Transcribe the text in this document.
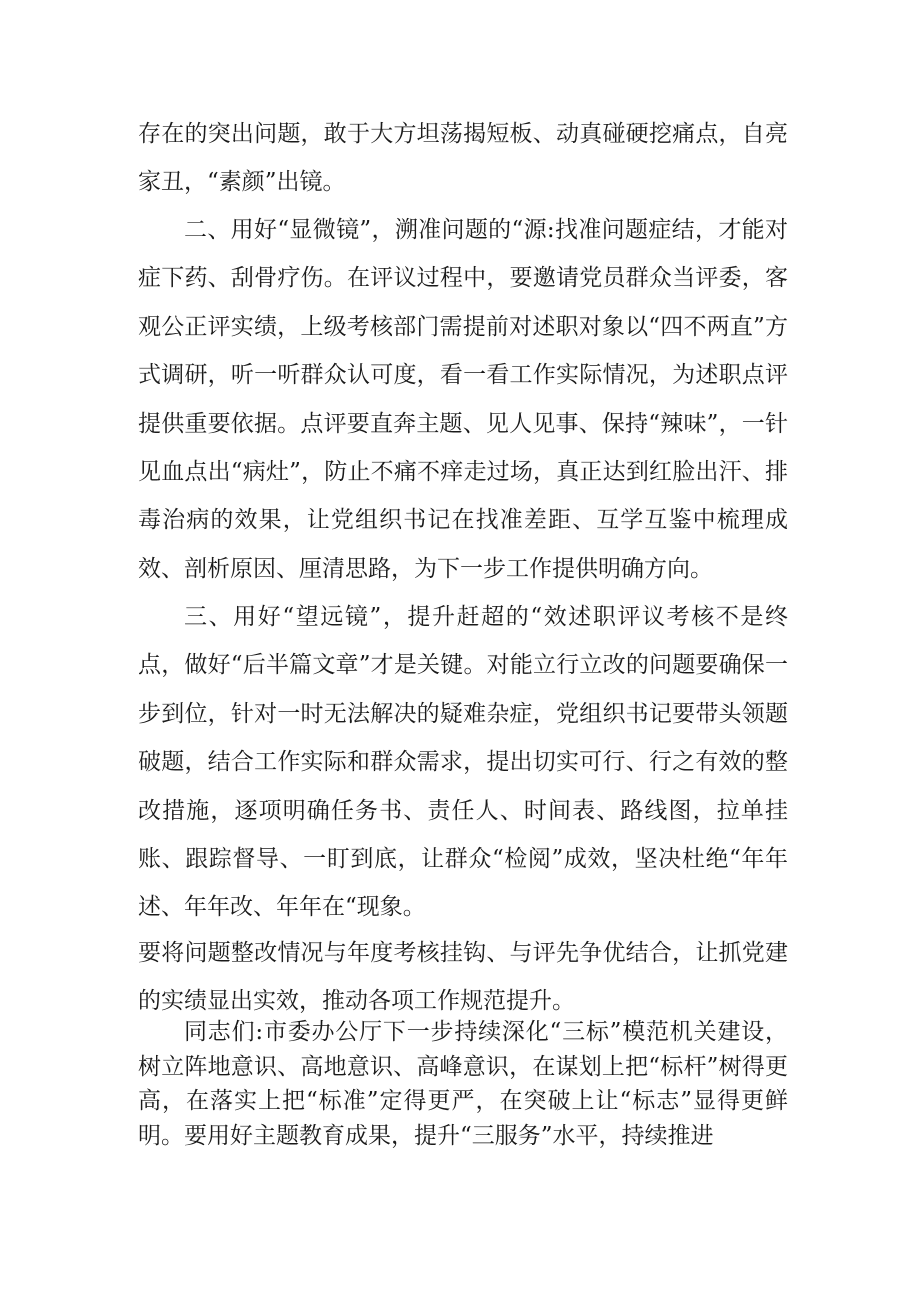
存在的突出问题，敢于大方坦荡揭短板、动真碰硬挖痛点，自亮家丑，“素颜”出镜。

二、用好“显微镜”，溯准问题的“源:找准问题症结，才能对症下药、刮骨疗伤。在评议过程中，要邀请党员群众当评委，客观公正评实绩，上级考核部门需提前对述职对象以“四不两直”方式调研，听一听群众认可度，看一看工作实际情况，为述职点评提供重要依据。点评要直奔主题、见人见事、保持“辣味”，一针见血点出“病灶”，防止不痛不痒走过场，真正达到红脸出汗、排毒治病的效果，让党组织书记在找准差距、互学互鉴中梳理成效、剖析原因、厘清思路，为下一步工作提供明确方向。

三、用好“望远镜”，提升赶超的“效述职评议考核不是终点，做好“后半篇文章”才是关键。对能立行立改的问题要确保一步到位，针对一时无法解决的疑难杂症，党组织书记要带头领题破题，结合工作实际和群众需求，提出切实可行、行之有效的整改措施，逐项明确任务书、责任人、时间表、路线图，拉单挂账、跟踪督导、一盯到底，让群众“检阅”成效，坚决杜绝“年年述、年年改、年年在“现象。

要将问题整改情况与年度考核挂钩、与评先争优结合，让抓党建的实绩显出实效，推动各项工作规范提升。

同志们:市委办公厅下一步持续深化“三标”模范机关建设，树立阵地意识、高地意识、高峰意识，在谋划上把“标杆”树得更高，在落实上把“标准”定得更严，在突破上让“标志”显得更鲜明。要用好主题教育成果，提升“三服务”水平，持续推进
